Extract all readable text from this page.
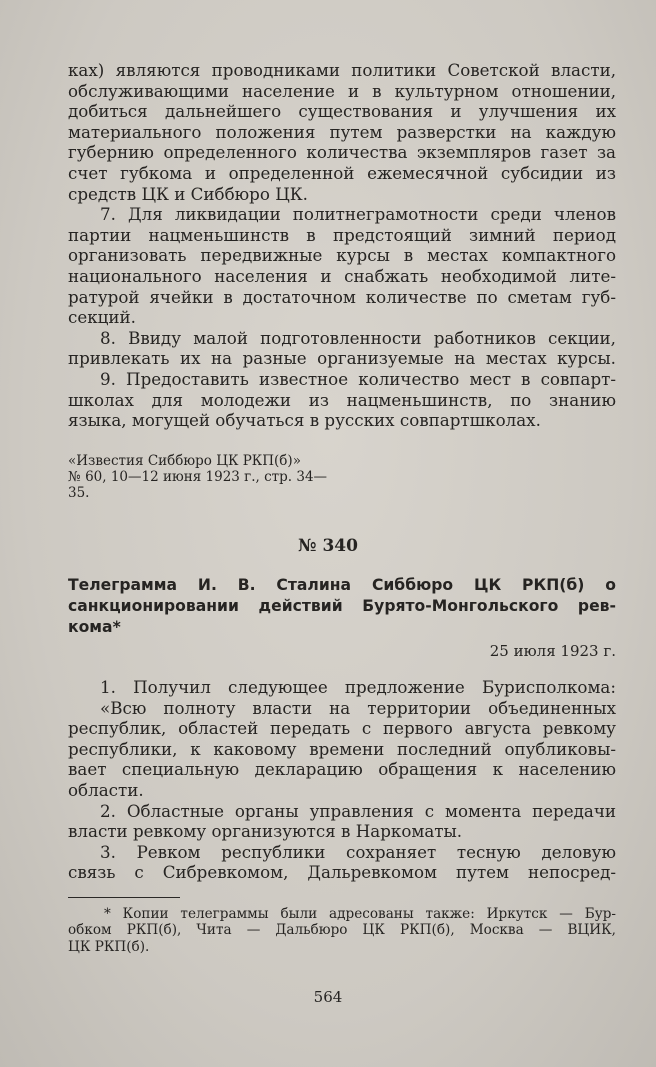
ках) являются проводниками политики Советской власти,

обслуживающими население и в культурном отношении,

добиться дальнейшего существования и улучшения их

материального положения путем разверстки на каждую

губернию определенного количества экземпляров газет за

счет губкома и определенной ежемесячной субсидии из

средств ЦК и Сиббюро ЦК.

7. Для ликвидации политнеграмотности среди членов

партии нацменьшинств в предстоящий зимний период

организовать передвижные курсы в местах компактного

национального населения и снабжать необходимой лите-

ратурой ячейки в достаточном количестве по сметам губ-

секций.

8. Ввиду малой подготовленности работников секции,

привлекать их на разные организуемые на местах курсы.

9. Предоставить известное количество мест в совпарт-

школах для молодежи из нацменьшинств, по знанию

языка, могущей обучаться в русских совпартшколах.

«Известия Сиббюро ЦК РКП(б)»

№ 60, 10—12 июня 1923 г., стр. 34—

35.

№ 340

Телеграмма И. В. Сталина Сиббюро ЦК РКП(б) о

санкционировании действий Бурято-Монгольского рев-

кома*

25 июля 1923 г.

1. Получил следующее предложение Бурисполкома:

«Всю полноту власти на территории объединенных

республик, областей передать с первого августа ревкому

республики, к каковому времени последний опубликовы-

вает специальную декларацию обращения к населению

области.

2. Областные органы управления с момента передачи

власти ревкому организуются в Наркоматы.

3. Ревком республики сохраняет тесную деловую

связь с Сибревкомом, Дальревкомом путем непосред-

* Копии телеграммы были адресованы также: Иркутск — Бур-

обком РКП(б), Чита — Дальбюро ЦК РКП(б), Москва — ВЦИК,

ЦК РКП(б).

564
